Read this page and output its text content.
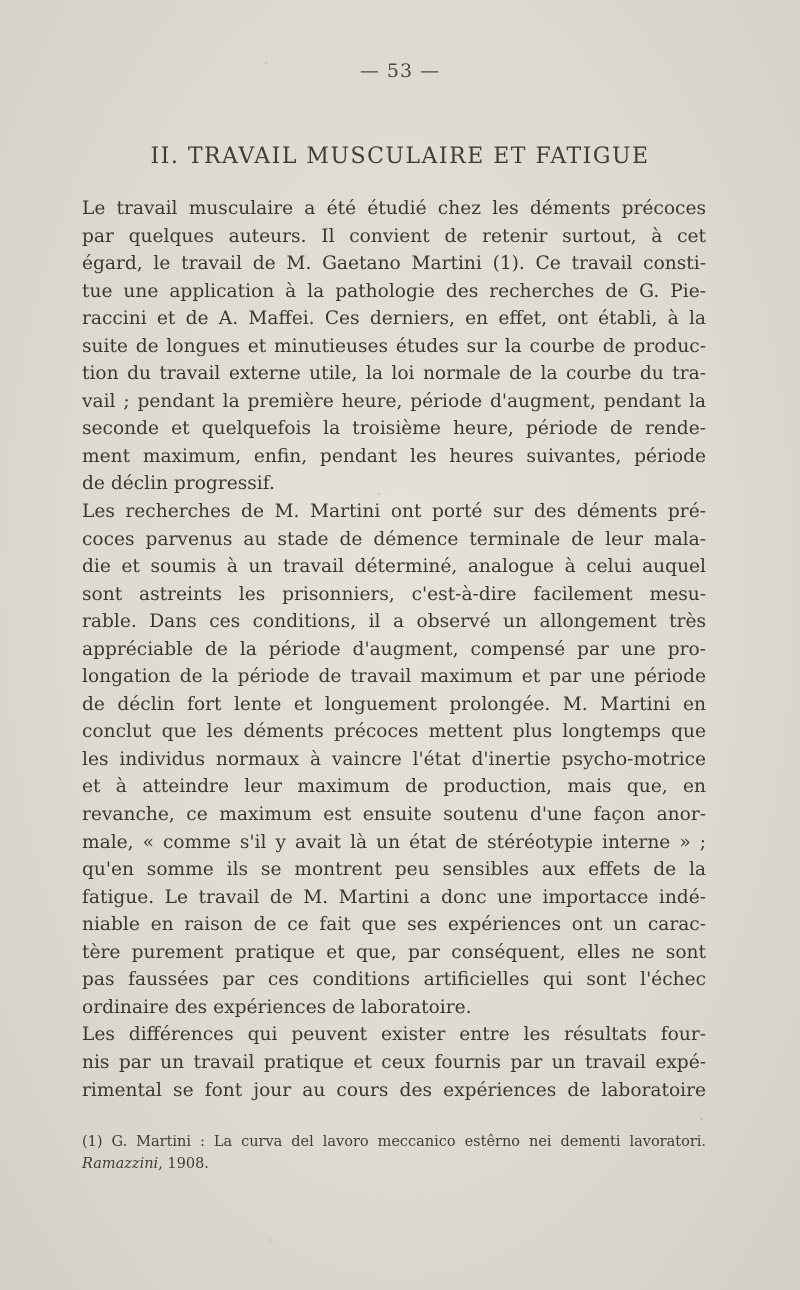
— 53 —
II. TRAVAIL MUSCULAIRE ET FATIGUE
Le travail musculaire a été étudié chez les déments précoces
par quelques auteurs. Il convient de retenir surtout, à cet
égard, le travail de M. Gaetano Martini (1). Ce travail consti-
tue une application à la pathologie des recherches de G. Pie-
raccini et de A. Maffei. Ces derniers, en effet, ont établi, à la
suite de longues et minutieuses études sur la courbe de produc-
tion du travail externe utile, la loi normale de la courbe du tra-
vail ; pendant la première heure, période d'augment, pendant la
seconde et quelquefois la troisième heure, période de rende-
ment maximum, enfin, pendant les heures suivantes, période
de déclin progressif.
Les recherches de M. Martini ont porté sur des déments pré-
coces parvenus au stade de démence terminale de leur mala-
die et soumis à un travail déterminé, analogue à celui auquel
sont astreints les prisonniers, c'est-à-dire facilement mesu-
rable. Dans ces conditions, il a observé un allongement très
appréciable de la période d'augment, compensé par une pro-
longation de la période de travail maximum et par une période
de déclin fort lente et longuement prolongée. M. Martini en
conclut que les déments précoces mettent plus longtemps que
les individus normaux à vaincre l'état d'inertie psycho-motrice
et à atteindre leur maximum de production, mais que, en
revanche, ce maximum est ensuite soutenu d'une façon anor-
male, « comme s'il y avait là un état de stéréotypie interne » ;
qu'en somme ils se montrent peu sensibles aux effets de la
fatigue. Le travail de M. Martini a donc une importacce indé-
niable en raison de ce fait que ses expériences ont un carac-
tère purement pratique et que, par conséquent, elles ne sont
pas faussées par ces conditions artificielles qui sont l'échec
ordinaire des expériences de laboratoire.
Les différences qui peuvent exister entre les résultats four-
nis par un travail pratique et ceux fournis par un travail expé-
rimental se font jour au cours des expériences de laboratoire
(1) G. Martini : La curva del lavoro meccanico estêrno nei dementi lavoratori.
Ramazzini, 1908.
